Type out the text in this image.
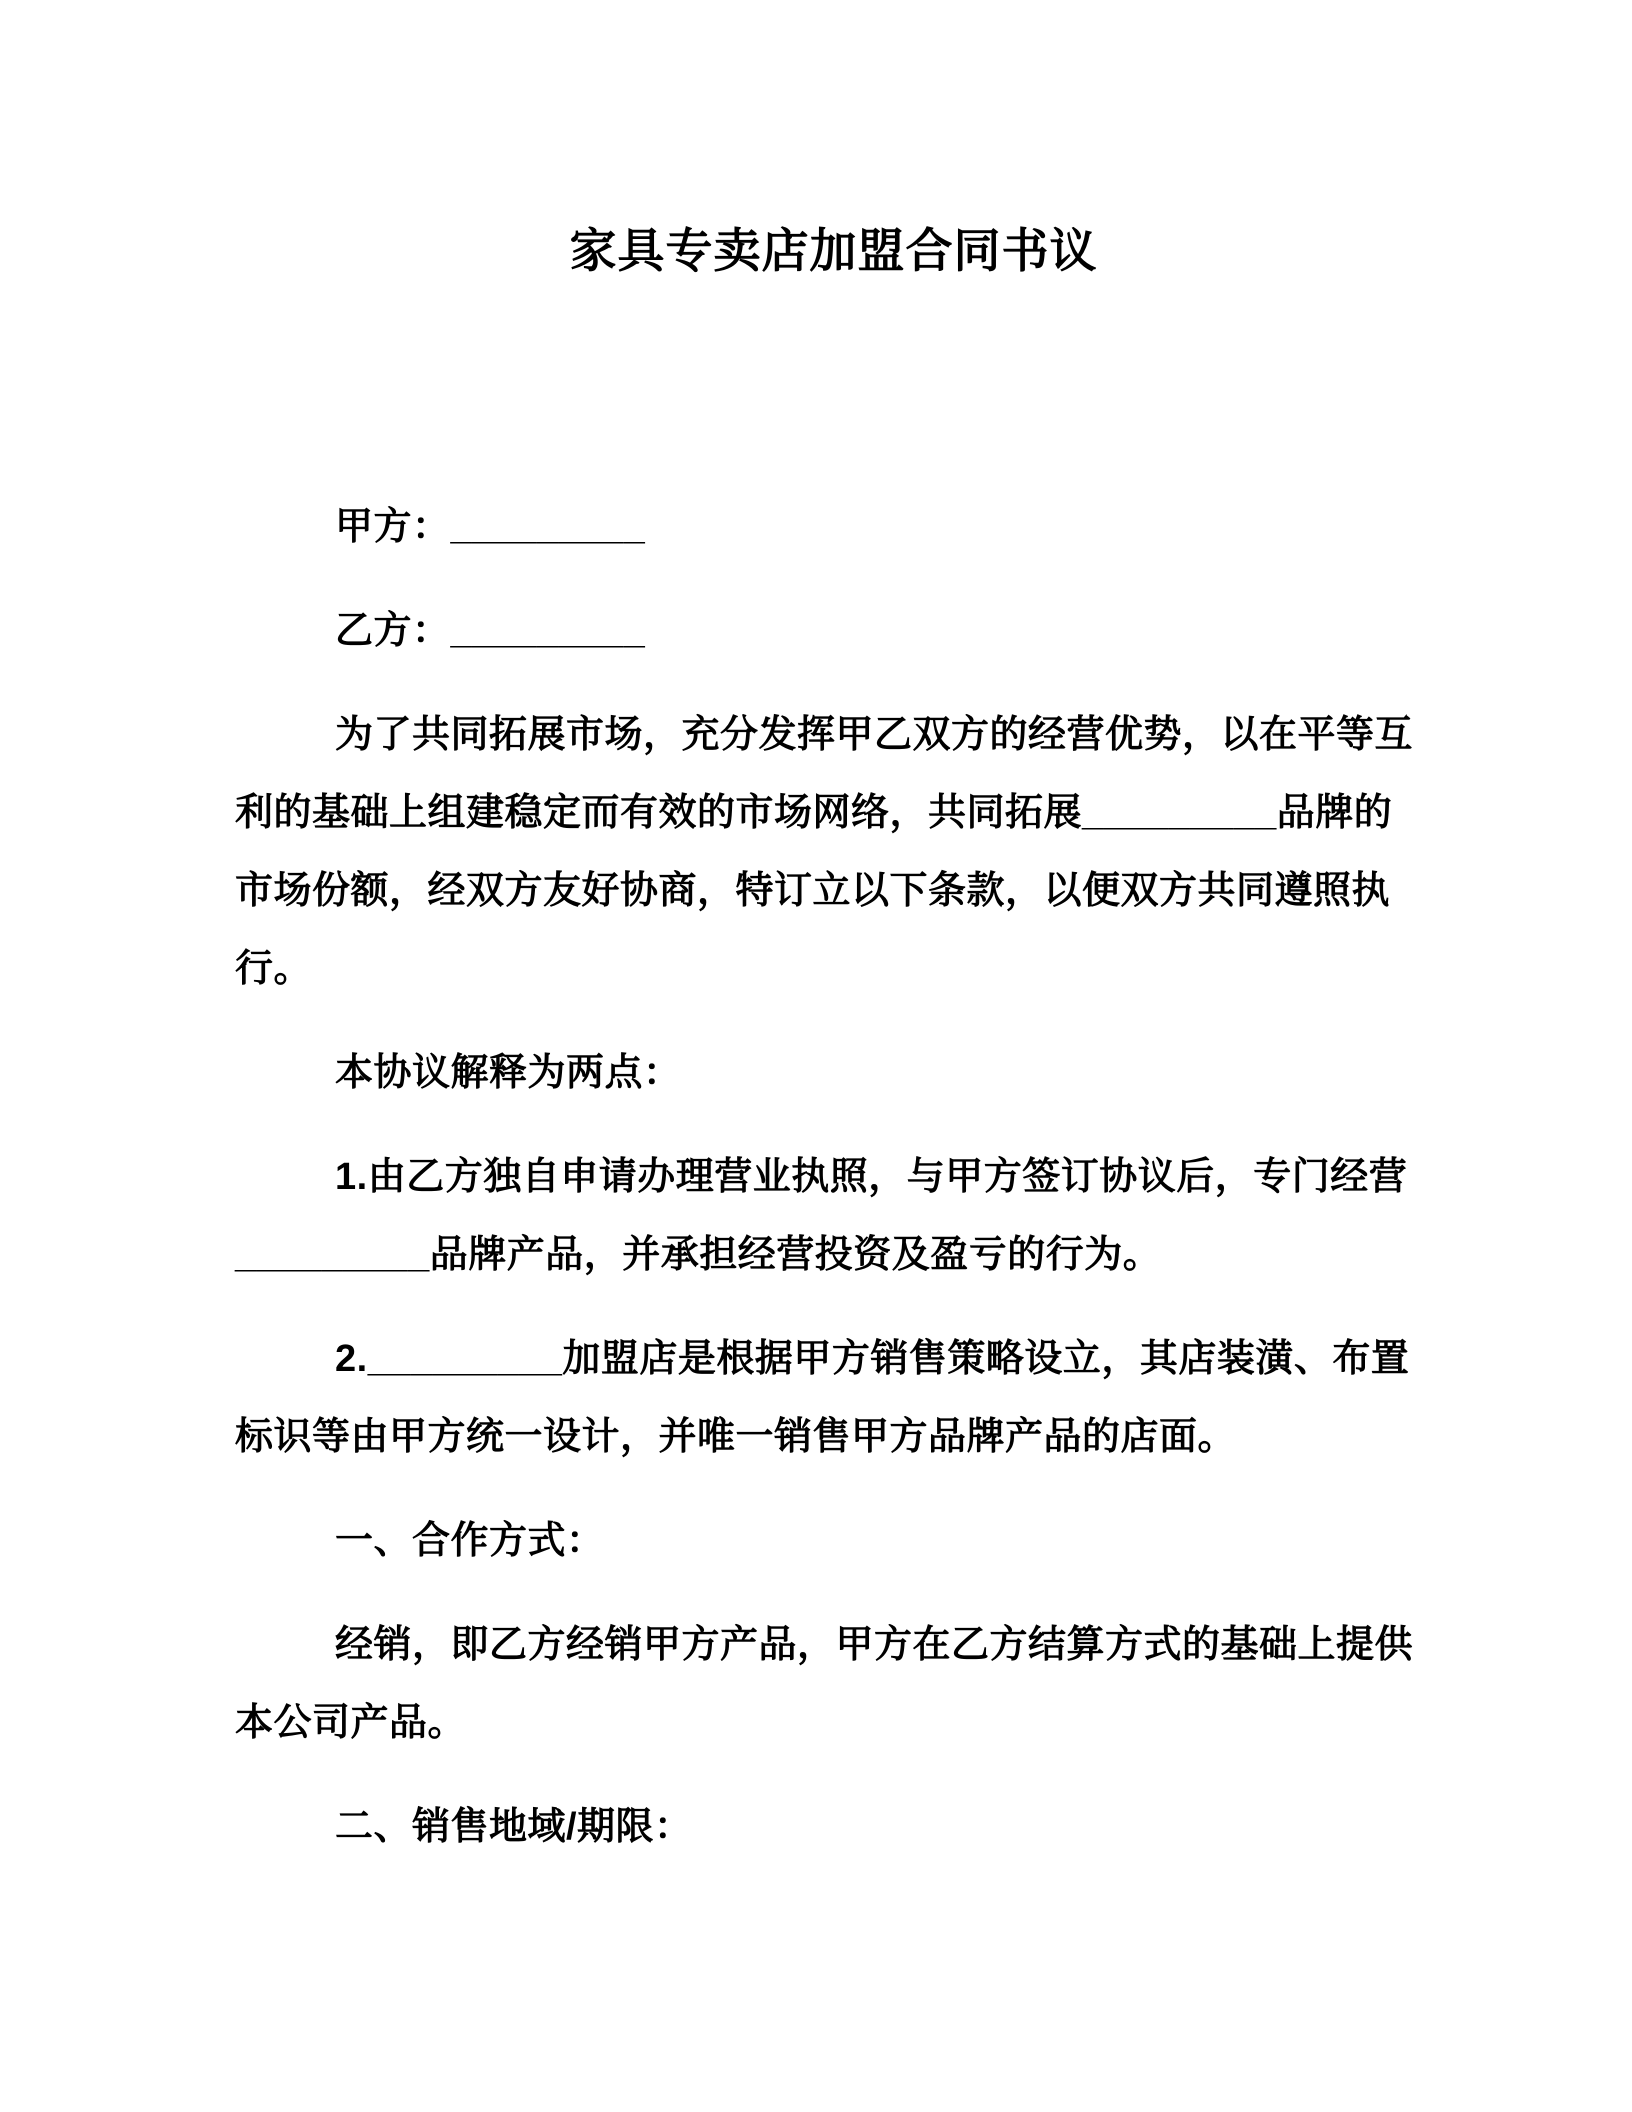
家具专卖店加盟合同书议
甲方：_________
乙方：_________
为了共同拓展市场，充分发挥甲乙双方的经营优势，以在平等互
利的基础上组建稳定而有效的市场网络，共同拓展_________品牌的
市场份额，经双方友好协商，特订立以下条款，以便双方共同遵照执
行。
本协议解释为两点：
1.由乙方独自申请办理营业执照，与甲方签订协议后，专门经营
_________品牌产品，并承担经营投资及盈亏的行为。
2._________加盟店是根据甲方销售策略设立，其店装潢、布置
标识等由甲方统一设计，并唯一销售甲方品牌产品的店面。
一、合作方式：
经销，即乙方经销甲方产品，甲方在乙方结算方式的基础上提供
本公司产品。
二、销售地域/期限：
